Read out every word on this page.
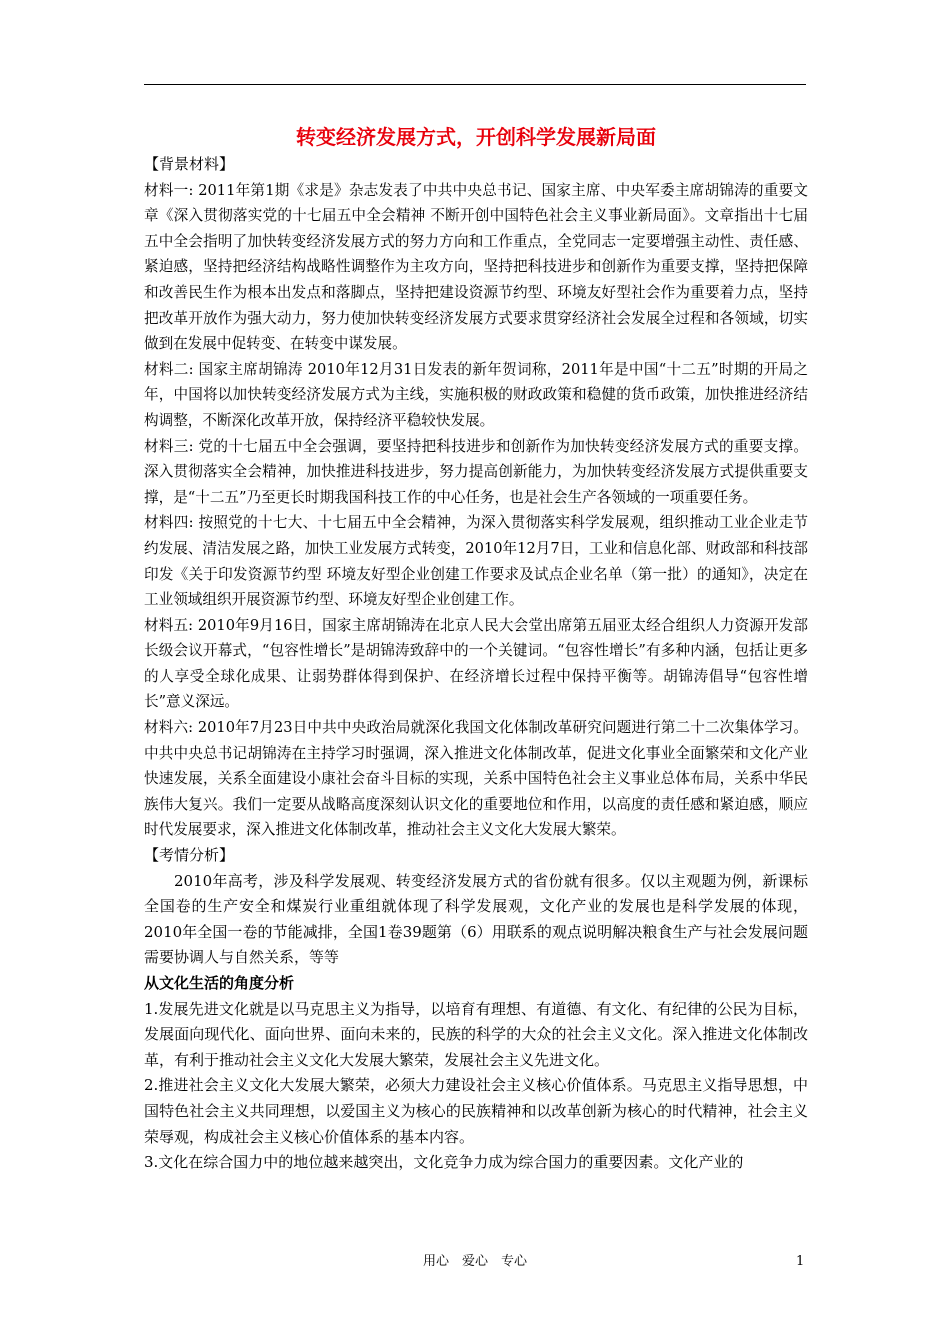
转变经济发展方式，开创科学发展新局面

【背景材料】

材料一: 2011年第1期《求是》杂志发表了中共中央总书记、国家主席、中央军委主席胡锦涛的重要文章《深入贯彻落实党的十七届五中全会精神 不断开创中国特色社会主义事业新局面》。文章指出十七届五中全会指明了加快转变经济发展方式的努力方向和工作重点，全党同志一定要增强主动性、责任感、紧迫感，坚持把经济结构战略性调整作为主攻方向，坚持把科技进步和创新作为重要支撑，坚持把保障和改善民生作为根本出发点和落脚点，坚持把建设资源节约型、环境友好型社会作为重要着力点，坚持把改革开放作为强大动力，努力使加快转变经济发展方式要求贯穿经济社会发展全过程和各领域，切实做到在发展中促转变、在转变中谋发展。

材料二: 国家主席胡锦涛 2010年12月31日发表的新年贺词称，2011年是中国“十二五”时期的开局之年，中国将以加快转变经济发展方式为主线，实施积极的财政政策和稳健的货币政策，加快推进经济结构调整，不断深化改革开放，保持经济平稳较快发展。

材料三: 党的十七届五中全会强调，要坚持把科技进步和创新作为加快转变经济发展方式的重要支撑。深入贯彻落实全会精神，加快推进科技进步，努力提高创新能力，为加快转变经济发展方式提供重要支撑，是“十二五”乃至更长时期我国科技工作的中心任务，也是社会生产各领域的一项重要任务。

材料四: 按照党的十七大、十七届五中全会精神，为深入贯彻落实科学发展观，组织推动工业企业走节约发展、清洁发展之路，加快工业发展方式转变，2010年12月7日，工业和信息化部、财政部和科技部印发《关于印发资源节约型 环境友好型企业创建工作要求及试点企业名单（第一批）的通知》，决定在工业领域组织开展资源节约型、环境友好型企业创建工作。

材料五: 2010年9月16日，国家主席胡锦涛在北京人民大会堂出席第五届亚太经合组织人力资源开发部长级会议开幕式，“包容性增长”是胡锦涛致辞中的一个关键词。“包容性增长”有多种内涵，包括让更多的人享受全球化成果、让弱势群体得到保护、在经济增长过程中保持平衡等。胡锦涛倡导“包容性增长”意义深远。

材料六: 2010年7月23日中共中央政治局就深化我国文化体制改革研究问题进行第二十二次集体学习。中共中央总书记胡锦涛在主持学习时强调，深入推进文化体制改革，促进文化事业全面繁荣和文化产业快速发展，关系全面建设小康社会奋斗目标的实现，关系中国特色社会主义事业总体布局，关系中华民族伟大复兴。我们一定要从战略高度深刻认识文化的重要地位和作用，以高度的责任感和紧迫感，顺应时代发展要求，深入推进文化体制改革，推动社会主义文化大发展大繁荣。

【考情分析】

2010年高考，涉及科学发展观、转变经济发展方式的省份就有很多。仅以主观题为例，新课标全国卷的生产安全和煤炭行业重组就体现了科学发展观，文化产业的发展也是科学发展的体现，2010年全国一卷的节能减排，全国1卷39题第（6）用联系的观点说明解决粮食生产与社会发展问题需要协调人与自然关系，等等

从文化生活的角度分析

1.发展先进文化就是以马克思主义为指导，以培育有理想、有道德、有文化、有纪律的公民为目标，发展面向现代化、面向世界、面向未来的，民族的科学的大众的社会主义文化。深入推进文化体制改革，有利于推动社会主义文化大发展大繁荣，发展社会主义先进文化。

2.推进社会主义文化大发展大繁荣，必须大力建设社会主义核心价值体系。马克思主义指导思想，中国特色社会主义共同理想，以爱国主义为核心的民族精神和以改革创新为核心的时代精神，社会主义荣辱观，构成社会主义核心价值体系的基本内容。

3.文化在综合国力中的地位越来越突出，文化竞争力成为综合国力的重要因素。文化产业的

用心　爱心　专心	1
